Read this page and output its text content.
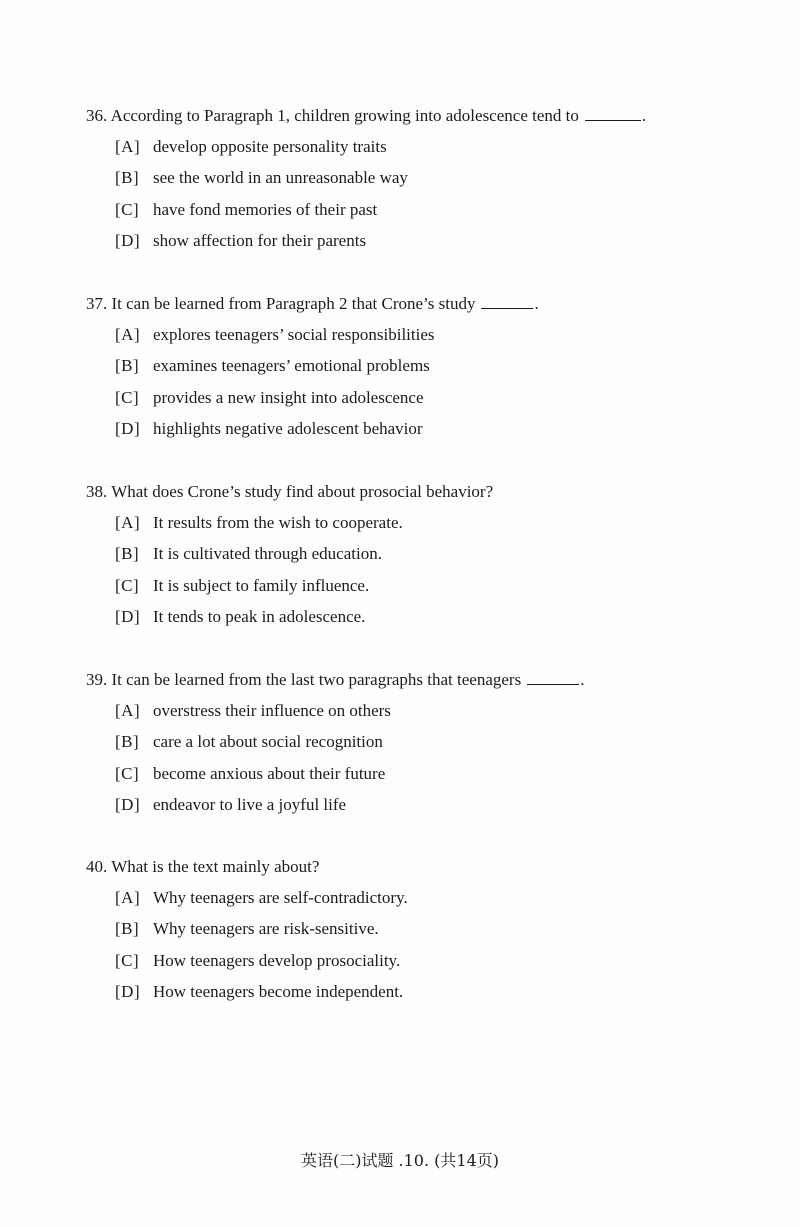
36. According to Paragraph 1, children growing into adolescence tend to	.
[A] develop opposite personality traits
[B] see the world in an unreasonable way
[C] have fond memories of their past
[D] show affection for their parents
37. It can be learned from Paragraph 2 that Crone’s study	.
[A] explores teenagers’ social responsibilities
[B] examines teenagers’ emotional problems
[C] provides a new insight into adolescence
[D] highlights negative adolescent behavior
38. What does Crone’s study find about prosocial behavior?
[A] It results from the wish to cooperate.
[B] It is cultivated through education.
[C] It is subject to family influence.
[D] It tends to peak in adolescence.
39. It can be learned from the last two paragraphs that teenagers	.
[A] overstress their influence on others
[B] care a lot about social recognition
[C] become anxious about their future
[D] endeavor to live a joyful life
40. What is the text mainly about?
[A] Why teenagers are self-contradictory.
[B] Why teenagers are risk-sensitive.
[C] How teenagers develop prosociality.
[D] How teenagers become independent.
英语(二)试题 .10. (共14页)
